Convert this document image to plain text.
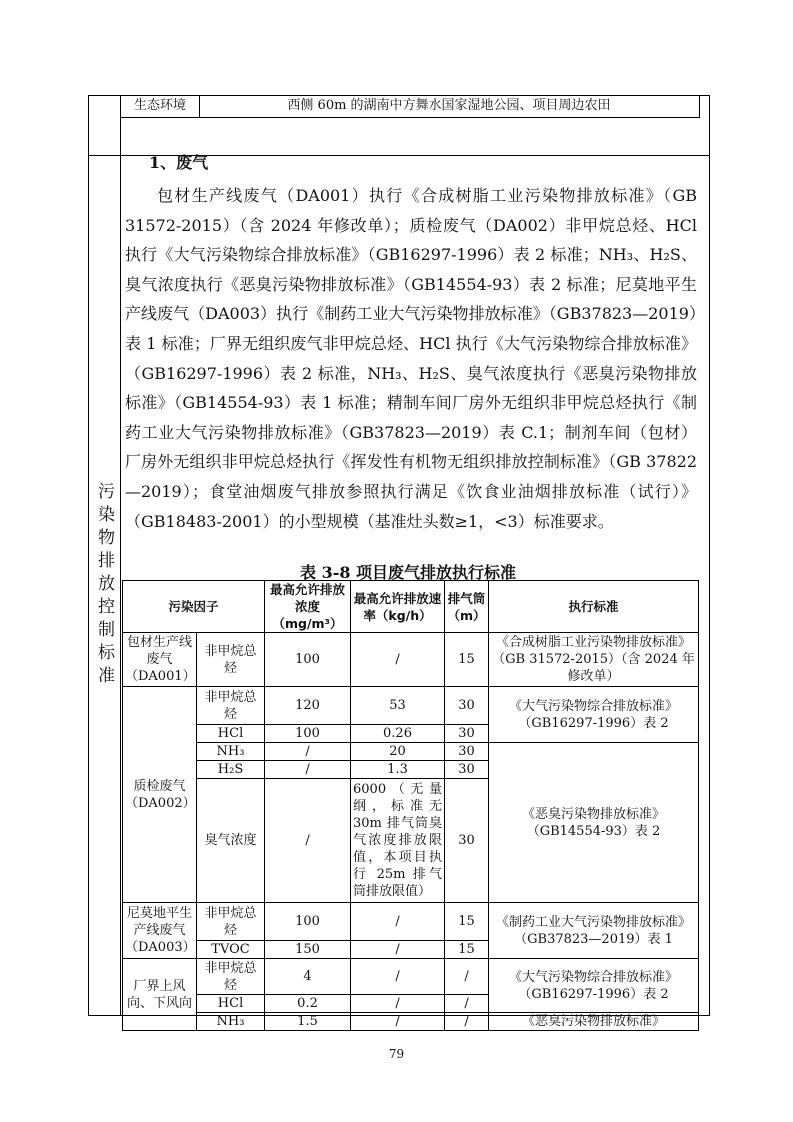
生态环境	西侧 60m 的湖南中方舞水国家湿地公园、项目周边农田
污染物排放控制标准
1、废气

包材生产线废气（DA001）执行《合成树脂工业污染物排放标准》（GB 31572-2015）（含 2024 年修改单）；质检废气（DA002）非甲烷总烃、HCl 执行《大气污染物综合排放标准》（GB16297-1996）表 2 标准；NH₃、H₂S、臭气浓度执行《恶臭污染物排放标准》（GB14554-93）表 2 标准；尼莫地平生产线废气（DA003）执行《制药工业大气污染物排放标准》（GB37823—2019）表 1 标准；厂界无组织废气非甲烷总烃、HCl 执行《大气污染物综合排放标准》（GB16297-1996）表 2 标准，NH₃、H₂S、臭气浓度执行《恶臭污染物排放标准》（GB14554-93）表 1 标准；精制车间厂房外无组织非甲烷总烃执行《制药工业大气污染物排放标准》（GB37823—2019）表 C.1；制剂车间（包材）厂房外无组织非甲烷总烃执行《挥发性有机物无组织排放控制标准》（GB 37822—2019）；食堂油烟废气排放参照执行满足《饮食业油烟排放标准（试行）》（GB18483-2001）的小型规模（基准灶头数≥1，<3）标准要求。

表 3-8 项目废气排放执行标准
污染因子		最高允许排放浓度（mg/m³）	最高允许排放速率（kg/h）	排气筒（m）	执行标准
包材生产线废气（DA001）	非甲烷总烃	100	/	15	《合成树脂工业污染物排放标准》（GB 31572-2015）（含 2024 年修改单）
质检废气（DA002）	非甲烷总烃	120	53	30	《大气污染物综合排放标准》（GB16297-1996）表 2
	HCl	100	0.26	30	
	NH₃	/	20	30	《恶臭污染物排放标准》（GB14554-93）表 2
	H₂S	/	1.3	30	
	臭气浓度	/	6000（无量纲，标准无 30m 排气筒臭气浓度排放限值，本项目执行 25m 排气筒排放限值）	30	
尼莫地平生产线废气（DA003）	非甲烷总烃	100	/	15	《制药工业大气污染物排放标准》（GB37823—2019）表 1
	TVOC	150	/	15	
厂界上风向、下风向	非甲烷总烃	4	/	/	《大气污染物综合排放标准》（GB16297-1996）表 2
	HCl	0.2	/	/	
	NH₃	1.5	/	/	《恶臭污染物排放标准》
79
